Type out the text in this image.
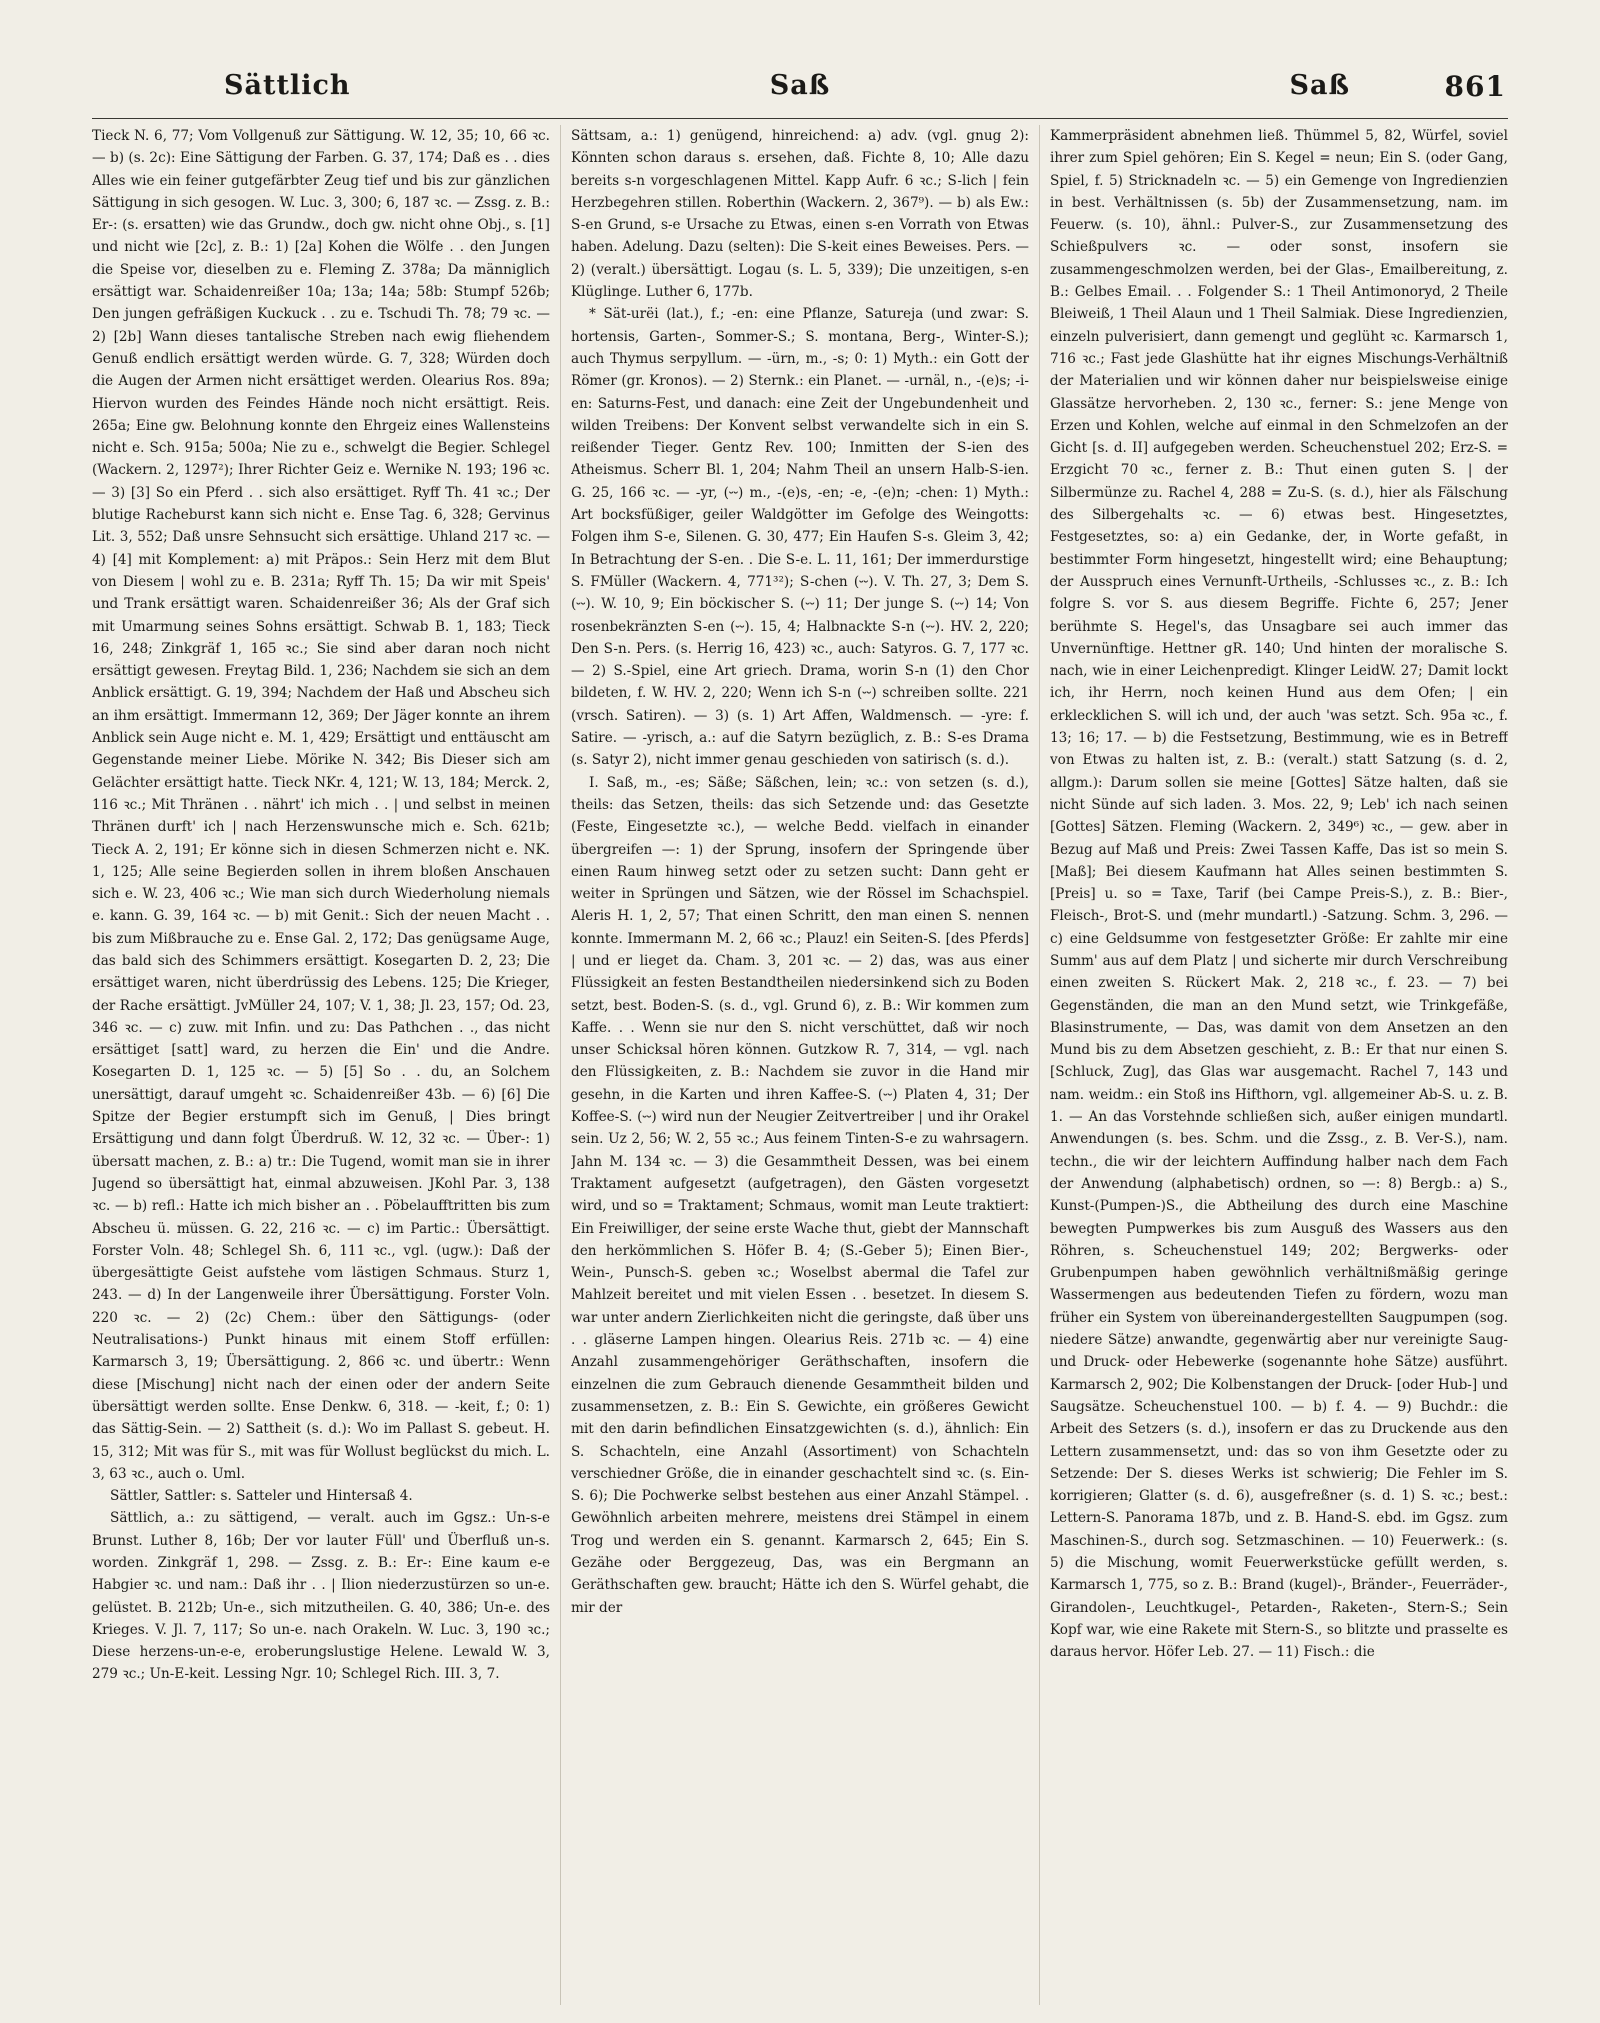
Saß
Sättlich	Saß	861

Tieck N. 6, 77; Vom Vollgenuß zur Sättigung. W. 12, 35; 10, 66 ꝛc. — b) (s. 2c): Eine Sättigung der Farben. G. 37, 174; Daß es . . dies Alles wie ein feiner gutgefärbter Zeug tief und bis zur gänzlichen Sättigung in sich gesogen. W. Luc. 3, 300; 6, 187 ꝛc. — Zssg. z. B.: Er-: (s. ersatten) wie das Grundw., doch gw. nicht ohne Obj., s. [1] und nicht wie [2c], z. B.: 1) [2a] Kohen die Wölfe . . den Jungen die Speise vor, dieselben zu e. Fleming Z. 378a; Da männiglich ersättigt war. Schaidenreißer 10a; 13a; 14a; 58b: Stumpf 526b; Den jungen gefräßigen Kuckuck . . zu e. Tschudi Th. 78; 79 ꝛc. — 2) [2b] Wann dieses tantalische Streben nach ewig fliehendem Genuß endlich ersättigt werden würde. G. 7, 328; Würden doch die Augen der Armen nicht ersättiget werden. Olearius Ros. 89a; Hiervon wurden des Feindes Hände noch nicht ersättigt. Reis. 265a; Eine gw. Belohnung konnte den Ehrgeiz eines Wallensteins nicht e. Sch. 915a; 500a; Nie zu e., schwelgt die Begier. Schlegel (Wackern. 2, 1297²); Ihrer Richter Geiz e. Wernike N. 193; 196 ꝛc. — 3) [3] So ein Pferd . . sich also ersättiget. Ryff Th. 41 ꝛc.; Der blutige Racheburst kann sich nicht e. Ense Tag. 6, 328; Gervinus Lit. 3, 552; Daß unsre Sehnsucht sich ersättige. Uhland 217 ꝛc. — 4) [4] mit Komplement: a) mit Präpos.: Sein Herz mit dem Blut von Diesem | wohl zu e. B. 231a; Ryff Th. 15; Da wir mit Speis' und Trank ersättigt waren. Schaidenreißer 36; Als der Graf sich mit Umarmung seines Sohns ersättigt. Schwab B. 1, 183; Tieck 16, 248; Zinkgräf 1, 165 ꝛc.; Sie sind aber daran noch nicht ersättigt gewesen. Freytag Bild. 1, 236; Nachdem sie sich an dem Anblick ersättigt. G. 19, 394; Nachdem der Haß und Abscheu sich an ihm ersättigt. Immermann 12, 369; Der Jäger konnte an ihrem Anblick sein Auge nicht e. M. 1, 429; Ersättigt und enttäuscht am Gegenstande meiner Liebe. Mörike N. 342; Bis Dieser sich am Gelächter ersättigt hatte. Tieck NKr. 4, 121; W. 13, 184; Merck. 2, 116 ꝛc.; Mit Thränen . . nährt' ich mich . . | und selbst in meinen Thränen durft' ich | nach Herzenswunsche mich e. Sch. 621b; Tieck A. 2, 191; Er könne sich in diesen Schmerzen nicht e. NK. 1, 125; Alle seine Begierden sollen in ihrem bloßen Anschauen sich e. W. 23, 406 ꝛc.; Wie man sich durch Wiederholung niemals e. kann. G. 39, 164 ꝛc. — b) mit Genit.: Sich der neuen Macht . . bis zum Mißbrauche zu e. Ense Gal. 2, 172; Das genügsame Auge, das bald sich des Schimmers ersättigt. Kosegarten D. 2, 23; Die ersättiget waren, nicht überdrüssig des Lebens. 125; Die Krieger, der Rache ersättigt. JvMüller 24, 107; V. 1, 38; Jl. 23, 157; Od. 23, 346 ꝛc. — c) zuw. mit Infin. und zu: Das Pathchen . ., das nicht ersättiget [satt] ward, zu herzen die Ein' und die Andre. Kosegarten D. 1, 125 ꝛc. — 5) [5] So . . du, an Solchem unersättigt, darauf umgeht ꝛc. Schaidenreißer 43b. — 6) [6] Die Spitze der Begier erstumpft sich im Genuß, | Dies bringt Ersättigung und dann folgt Überdruß. W. 12, 32 ꝛc. — Über-: 1) übersatt machen, z. B.: a) tr.: Die Tugend, womit man sie in ihrer Jugend so übersättigt hat, einmal abzuweisen. JKohl Par. 3, 138 ꝛc. — b) refl.: Hatte ich mich bisher an . . Pöbelaufftritten bis zum Abscheu ü. müssen. G. 22, 216 ꝛc. — c) im Partic.: Übersättigt. Forster Voln. 48; Schlegel Sh. 6, 111 ꝛc., vgl. (ugw.): Daß der übergesättigte Geist aufstehe vom lästigen Schmaus. Sturz 1, 243. — d) In der Langenweile ihrer Übersättigung. Forster Voln. 220 ꝛc. — 2) (2c) Chem.: über den Sättigungs- (oder Neutralisations-) Punkt hinaus mit einem Stoff erfüllen: Karmarsch 3, 19; Übersättigung. 2, 866 ꝛc. und übertr.: Wenn diese [Mischung] nicht nach der einen oder der andern Seite übersättigt werden sollte. Ense Denkw. 6, 318. — -keit, f.; 0: 1) das Sättig-Sein. — 2) Sattheit (s. d.): Wo im Pallast S. gebeut. H. 15, 312; Mit was für S., mit was für Wollust beglückst du mich. L. 3, 63 ꝛc., auch o. Uml.

Sättler, Sattler: s. Satteler und Hintersaß 4.

Sättlich, a.: zu sättigend, — veralt. auch im Ggsz.: Un-s-e Brunst. Luther 8, 16b; Der vor lauter Füll' und Überfluß un-s. worden. Zinkgräf 1, 298. — Zssg. z. B.: Er-: Eine kaum e-e Habgier ꝛc. und nam.: Daß ihr . . | Ilion niederzustürzen so un-e. gelüstet. B. 212b; Un-e., sich mitzutheilen. G. 40, 386; Un-e. des Krieges. V. Jl. 7, 117; So un-e. nach Orakeln. W. Luc. 3, 190 ꝛc.; Diese herzens-un-e-e, eroberungslustige Helene. Lewald W. 3, 279 ꝛc.; Un-E-keit. Lessing Ngr. 10; Schlegel Rich. III. 3, 7.

Sättsam, a.: 1) genügend, hinreichend: a) adv. (vgl. gnug 2): Könnten schon daraus s. ersehen, daß. Fichte 8, 10; Alle dazu bereits s-n vorgeschlagenen Mittel. Kapp Aufr. 6 ꝛc.; S-lich | fein Herzbegehren stillen. Roberthin (Wackern. 2, 367⁹). — b) als Ew.: S-en Grund, s-e Ursache zu Etwas, einen s-en Vorrath von Etwas haben. Adelung. Dazu (selten): Die S-keit eines Beweises. Pers. — 2) (veralt.) übersättigt. Logau (s. L. 5, 339); Die unzeitigen, s-en Klüglinge. Luther 6, 177b.

* Sät-urëi (lat.), f.; -en: eine Pflanze, Satureja (und zwar: S. hortensis, Garten-, Sommer-S.; S. montana, Berg-, Winter-S.); auch Thymus serpyllum. — -ürn, m., -s; 0: 1) Myth.: ein Gott der Römer (gr. Kronos). — 2) Sternk.: ein Planet. — -urnäl, n., -(e)s; -i-en: Saturns-Fest, und danach: eine Zeit der Ungebundenheit und wilden Treibens: Der Konvent selbst verwandelte sich in ein S. reißender Tieger. Gentz Rev. 100; Inmitten der S-ien des Atheismus. Scherr Bl. 1, 204; Nahm Theil an unsern Halb-S-ien. G. 25, 166 ꝛc. — -yr, (⏑⏑) m., -(e)s, -en; -e, -(e)n; -chen: 1) Myth.: Art bocksfüßiger, geiler Waldgötter im Gefolge des Weingotts: Folgen ihm S-e, Silenen. G. 30, 477; Ein Haufen S-s. Gleim 3, 42; In Betrachtung der S-en. . Die S-e. L. 11, 161; Der immerdurstige S. FMüller (Wackern. 4, 771³²); S-chen (⏑⏑). V. Th. 27, 3; Dem S. (⏑⏑). W. 10, 9; Ein böckischer S. (⏑⏑) 11; Der junge S. (⏑⏑) 14; Von rosenbekränzten S-en (⏑⏑). 15, 4; Halbnackte S-n (⏑⏑). HV. 2, 220; Den S-n. Pers. (s. Herrig 16, 423) ꝛc., auch: Satyros. G. 7, 177 ꝛc. — 2) S.-Spiel, eine Art griech. Drama, worin S-n (1) den Chor bildeten, f. W. HV. 2, 220; Wenn ich S-n (⏑⏑) schreiben sollte. 221 (vrsch. Satiren). — 3) (s. 1) Art Affen, Waldmensch. — -yre: f. Satire. — -yrisch, a.: auf die Satyrn bezüglich, z. B.: S-es Drama (s. Satyr 2), nicht immer genau geschieden von satirisch (s. d.).

I. Saß, m., -es; Säße; Säßchen, lein; ꝛc.: von setzen (s. d.), theils: das Setzen, theils: das sich Setzende und: das Gesetzte (Feste, Eingesetzte ꝛc.), — welche Bedd. vielfach in einander übergreifen —: 1) der Sprung, insofern der Springende über einen Raum hinweg setzt oder zu setzen sucht: Dann geht er weiter in Sprüngen und Sätzen, wie der Rössel im Schachspiel. Aleris H. 1, 2, 57; That einen Schritt, den man einen S. nennen konnte. Immermann M. 2, 66 ꝛc.; Plauz! ein Seiten-S. [des Pferds] | und er lieget da. Cham. 3, 201 ꝛc. — 2) das, was aus einer Flüssigkeit an festen Bestandtheilen niedersinkend sich zu Boden setzt, best. Boden-S. (s. d., vgl. Grund 6), z. B.: Wir kommen zum Kaffe. . . Wenn sie nur den S. nicht verschüttet, daß wir noch unser Schicksal hören können. Gutzkow R. 7, 314, — vgl. nach den Flüssigkeiten, z. B.: Nachdem sie zuvor in die Hand mir gesehn, in die Karten und ihren Kaffee-S. (⏑⏑) Platen 4, 31; Der Koffee-S. (⏑⏑) wird nun der Neugier Zeitvertreiber | und ihr Orakel sein. Uz 2, 56; W. 2, 55 ꝛc.; Aus feinem Tinten-S-e zu wahrsagern. Jahn M. 134 ꝛc. — 3) die Gesammtheit Dessen, was bei einem Traktament aufgesetzt (aufgetragen), den Gästen vorgesetzt wird, und so = Traktament; Schmaus, womit man Leute traktiert: Ein Freiwilliger, der seine erste Wache thut, giebt der Mannschaft den herkömmlichen S. Höfer B. 4; (S.-Geber 5); Einen Bier-, Wein-, Punsch-S. geben ꝛc.; Woselbst abermal die Tafel zur Mahlzeit bereitet und mit vielen Essen . . besetzet. In diesem S. war unter andern Zierlichkeiten nicht die geringste, daß über uns . . gläserne Lampen hingen. Olearius Reis. 271b ꝛc. — 4) eine Anzahl zusammengehöriger Geräthschaften, insofern die einzelnen die zum Gebrauch dienende Gesammtheit bilden und zusammensetzen, z. B.: Ein S. Gewichte, ein größeres Gewicht mit den darin befindlichen Einsatzgewichten (s. d.), ähnlich: Ein S. Schachteln, eine Anzahl (Assortiment) von Schachteln verschiedner Größe, die in einander geschachtelt sind ꝛc. (s. Ein-S. 6); Die Pochwerke selbst bestehen aus einer Anzahl Stämpel. . Gewöhnlich arbeiten mehrere, meistens drei Stämpel in einem Trog und werden ein S. genannt. Karmarsch 2, 645; Ein S. Gezähe oder Berggezeug, Das, was ein Bergmann an Geräthschaften gew. braucht; Hätte ich den S. Würfel gehabt, die mir der

Kammerpräsident abnehmen ließ. Thümmel 5, 82, Würfel, soviel ihrer zum Spiel gehören; Ein S. Kegel = neun; Ein S. (oder Gang, Spiel, f. 5) Stricknadeln ꝛc. — 5) ein Gemenge von Ingredienzien in best. Verhältnissen (s. 5b) der Zusammensetzung, nam. im Feuerw. (s. 10), ähnl.: Pulver-S., zur Zusammensetzung des Schießpulvers ꝛc. — oder sonst, insofern sie zusammengeschmolzen werden, bei der Glas-, Emailbereitung, z. B.: Gelbes Email. . . Folgender S.: 1 Theil Antimonoryd, 2 Theile Bleiweiß, 1 Theil Alaun und 1 Theil Salmiak. Diese Ingredienzien, einzeln pulverisiert, dann gemengt und geglüht ꝛc. Karmarsch 1, 716 ꝛc.; Fast jede Glashütte hat ihr eignes Mischungs-Verhältniß der Materialien und wir können daher nur beispielsweise einige Glassätze hervorheben. 2, 130 ꝛc., ferner: S.: jene Menge von Erzen und Kohlen, welche auf einmal in den Schmelzofen an der Gicht [s. d. II] aufgegeben werden. Scheuchenstuel 202; Erz-S. = Erzgicht 70 ꝛc., ferner z. B.: Thut einen guten S. | der Silbermünze zu. Rachel 4, 288 = Zu-S. (s. d.), hier als Fälschung des Silbergehalts ꝛc. — 6) etwas best. Hingesetztes, Festgesetztes, so: a) ein Gedanke, der, in Worte gefaßt, in bestimmter Form hingesetzt, hingestellt wird; eine Behauptung; der Ausspruch eines Vernunft-Urtheils, -Schlusses ꝛc., z. B.: Ich folgre S. vor S. aus diesem Begriffe. Fichte 6, 257; Jener berühmte S. Hegel's, das Unsagbare sei auch immer das Unvernünftige. Hettner gR. 140; Und hinten der moralische S. nach, wie in einer Leichenpredigt. Klinger LeidW. 27; Damit lockt ich, ihr Herrn, noch keinen Hund aus dem Ofen; | ein erklecklichen S. will ich und, der auch 'was setzt. Sch. 95a ꝛc., f. 13; 16; 17. — b) die Festsetzung, Bestimmung, wie es in Betreff von Etwas zu halten ist, z. B.: (veralt.) statt Satzung (s. d. 2, allgm.): Darum sollen sie meine [Gottes] Sätze halten, daß sie nicht Sünde auf sich laden. 3. Mos. 22, 9; Leb' ich nach seinen [Gottes] Sätzen. Fleming (Wackern. 2, 349⁶) ꝛc., — gew. aber in Bezug auf Maß und Preis: Zwei Tassen Kaffe, Das ist so mein S. [Maß]; Bei diesem Kaufmann hat Alles seinen bestimmten S. [Preis] u. so = Taxe, Tarif (bei Campe Preis-S.), z. B.: Bier-, Fleisch-, Brot-S. und (mehr mundartl.) -Satzung. Schm. 3, 296. — c) eine Geldsumme von festgesetzter Größe: Er zahlte mir eine Summ' aus auf dem Platz | und sicherte mir durch Verschreibung einen zweiten S. Rückert Mak. 2, 218 ꝛc., f. 23. — 7) bei Gegenständen, die man an den Mund setzt, wie Trinkgefäße, Blasinstrumente, — Das, was damit von dem Ansetzen an den Mund bis zu dem Absetzen geschieht, z. B.: Er that nur einen S. [Schluck, Zug], das Glas war ausgemacht. Rachel 7, 143 und nam. weidm.: ein Stoß ins Hifthorn, vgl. allgemeiner Ab-S. u. z. B. 1. — An das Vorstehnde schließen sich, außer einigen mundartl. Anwendungen (s. bes. Schm. und die Zssg., z. B. Ver-S.), nam. techn., die wir der leichtern Auffindung halber nach dem Fach der Anwendung (alphabetisch) ordnen, so —: 8) Bergb.: a) S., Kunst-(Pumpen-)S., die Abtheilung des durch eine Maschine bewegten Pumpwerkes bis zum Ausguß des Wassers aus den Röhren, s. Scheuchenstuel 149; 202; Bergwerks- oder Grubenpumpen haben gewöhnlich verhältnißmäßig geringe Wassermengen aus bedeutenden Tiefen zu fördern, wozu man früher ein System von übereinandergestellten Saugpumpen (sog. niedere Sätze) anwandte, gegenwärtig aber nur vereinigte Saug- und Druck- oder Hebewerke (sogenannte hohe Sätze) ausführt. Karmarsch 2, 902; Die Kolbenstangen der Druck- [oder Hub-] und Saugsätze. Scheuchenstuel 100. — b) f. 4. — 9) Buchdr.: die Arbeit des Setzers (s. d.), insofern er das zu Druckende aus den Lettern zusammensetzt, und: das so von ihm Gesetzte oder zu Setzende: Der S. dieses Werks ist schwierig; Die Fehler im S. korrigieren; Glatter (s. d. 6), ausgefreßner (s. d. 1) S. ꝛc.; best.: Lettern-S. Panorama 187b, und z. B. Hand-S. ebd. im Ggsz. zum Maschinen-S., durch sog. Setzmaschinen. — 10) Feuerwerk.: (s. 5) die Mischung, womit Feuerwerkstücke gefüllt werden, s. Karmarsch 1, 775, so z. B.: Brand (kugel)-, Bränder-, Feuerräder-, Girandolen-, Leuchtkugel-, Petarden-, Raketen-, Stern-S.; Sein Kopf war, wie eine Rakete mit Stern-S., so blitzte und prasselte es daraus hervor. Höfer Leb. 27. — 11) Fisch.: die
